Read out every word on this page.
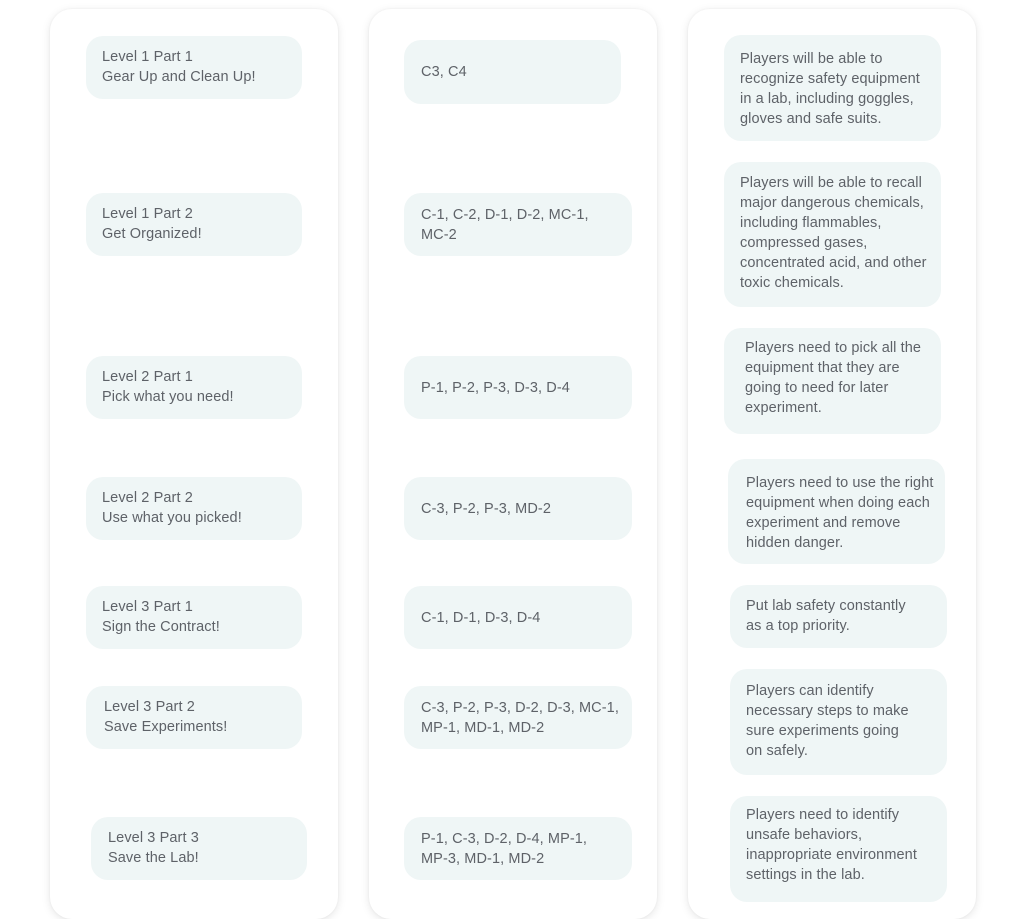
Level 1 Part 1
Gear Up and Clean Up!
Level 1 Part 2
Get Organized!
Level 2 Part 1
Pick what you need!
Level 2 Part 2
Use what you picked!
Level 3 Part 1
Sign the Contract!
Level 3 Part 2
Save Experiments!
Level 3 Part 3
Save the Lab!
C3, C4
C-1, C-2, D-1, D-2, MC-1, MC-2
P-1, P-2, P-3, D-3, D-4
C-3, P-2, P-3, MD-2
C-1, D-1, D-3, D-4
C-3, P-2, P-3, D-2, D-3, MC-1, MP-1, MD-1, MD-2
P-1, C-3, D-2, D-4, MP-1, MP-3, MD-1, MD-2
Players will be able to recognize safety equipment in a lab, including goggles, gloves and safe suits.
Players will be able to recall major dangerous chemicals, including flammables, compressed gases, concentrated acid, and other toxic chemicals.
Players need to pick all the equipment that they are going to need for later experiment.
Players need to use the right equipment when doing each experiment and remove hidden danger.
Put lab safety constantly as a top priority.
Players can identify necessary steps to make sure experiments going on safely.
Players need to identify unsafe behaviors, inappropriate environment settings in the lab.
